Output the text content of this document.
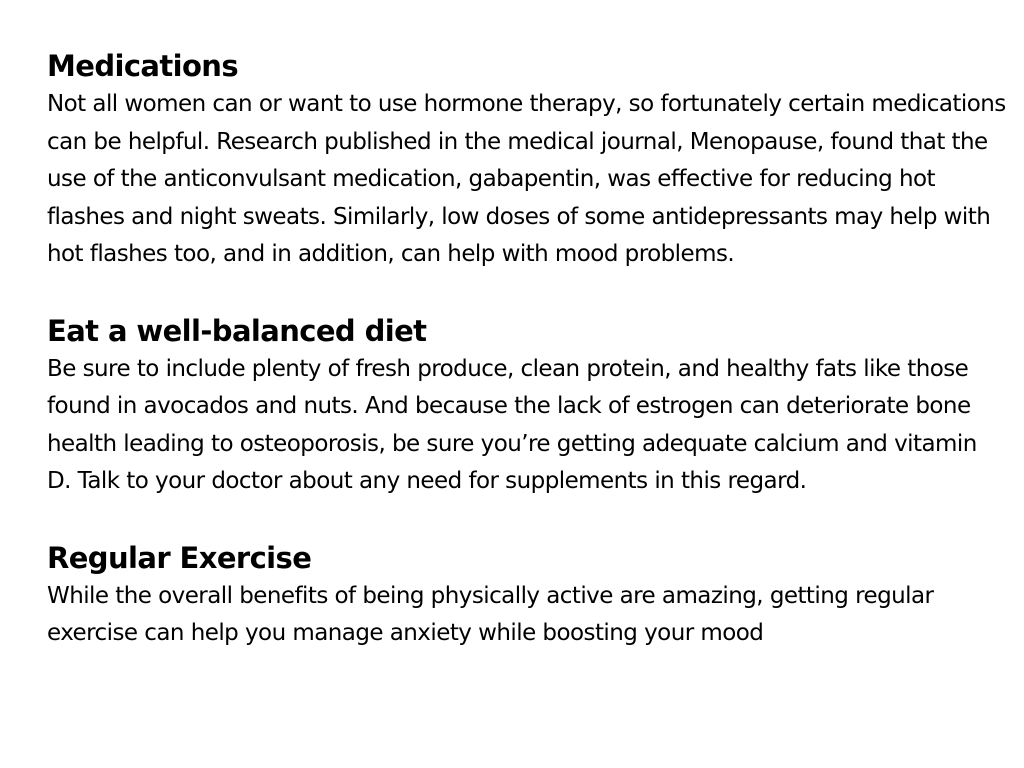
Medications

Not all women can or want to use hormone therapy, so fortunately certain medications can be helpful. Research published in the medical journal, Menopause, found that the use of the anticonvulsant medication, gabapentin, was effective for reducing hot flashes and night sweats. Similarly, low doses of some antidepressants may help with hot flashes too, and in addition, can help with mood problems.

Eat a well-balanced diet

Be sure to include plenty of fresh produce, clean protein, and healthy fats like those found in avocados and nuts. And because the lack of estrogen can deteriorate bone health leading to osteoporosis, be sure you’re getting adequate calcium and vitamin D. Talk to your doctor about any need for supplements in this regard.

Regular Exercise

While the overall benefits of being physically active are amazing, getting regular exercise can help you manage anxiety while boosting your mood
